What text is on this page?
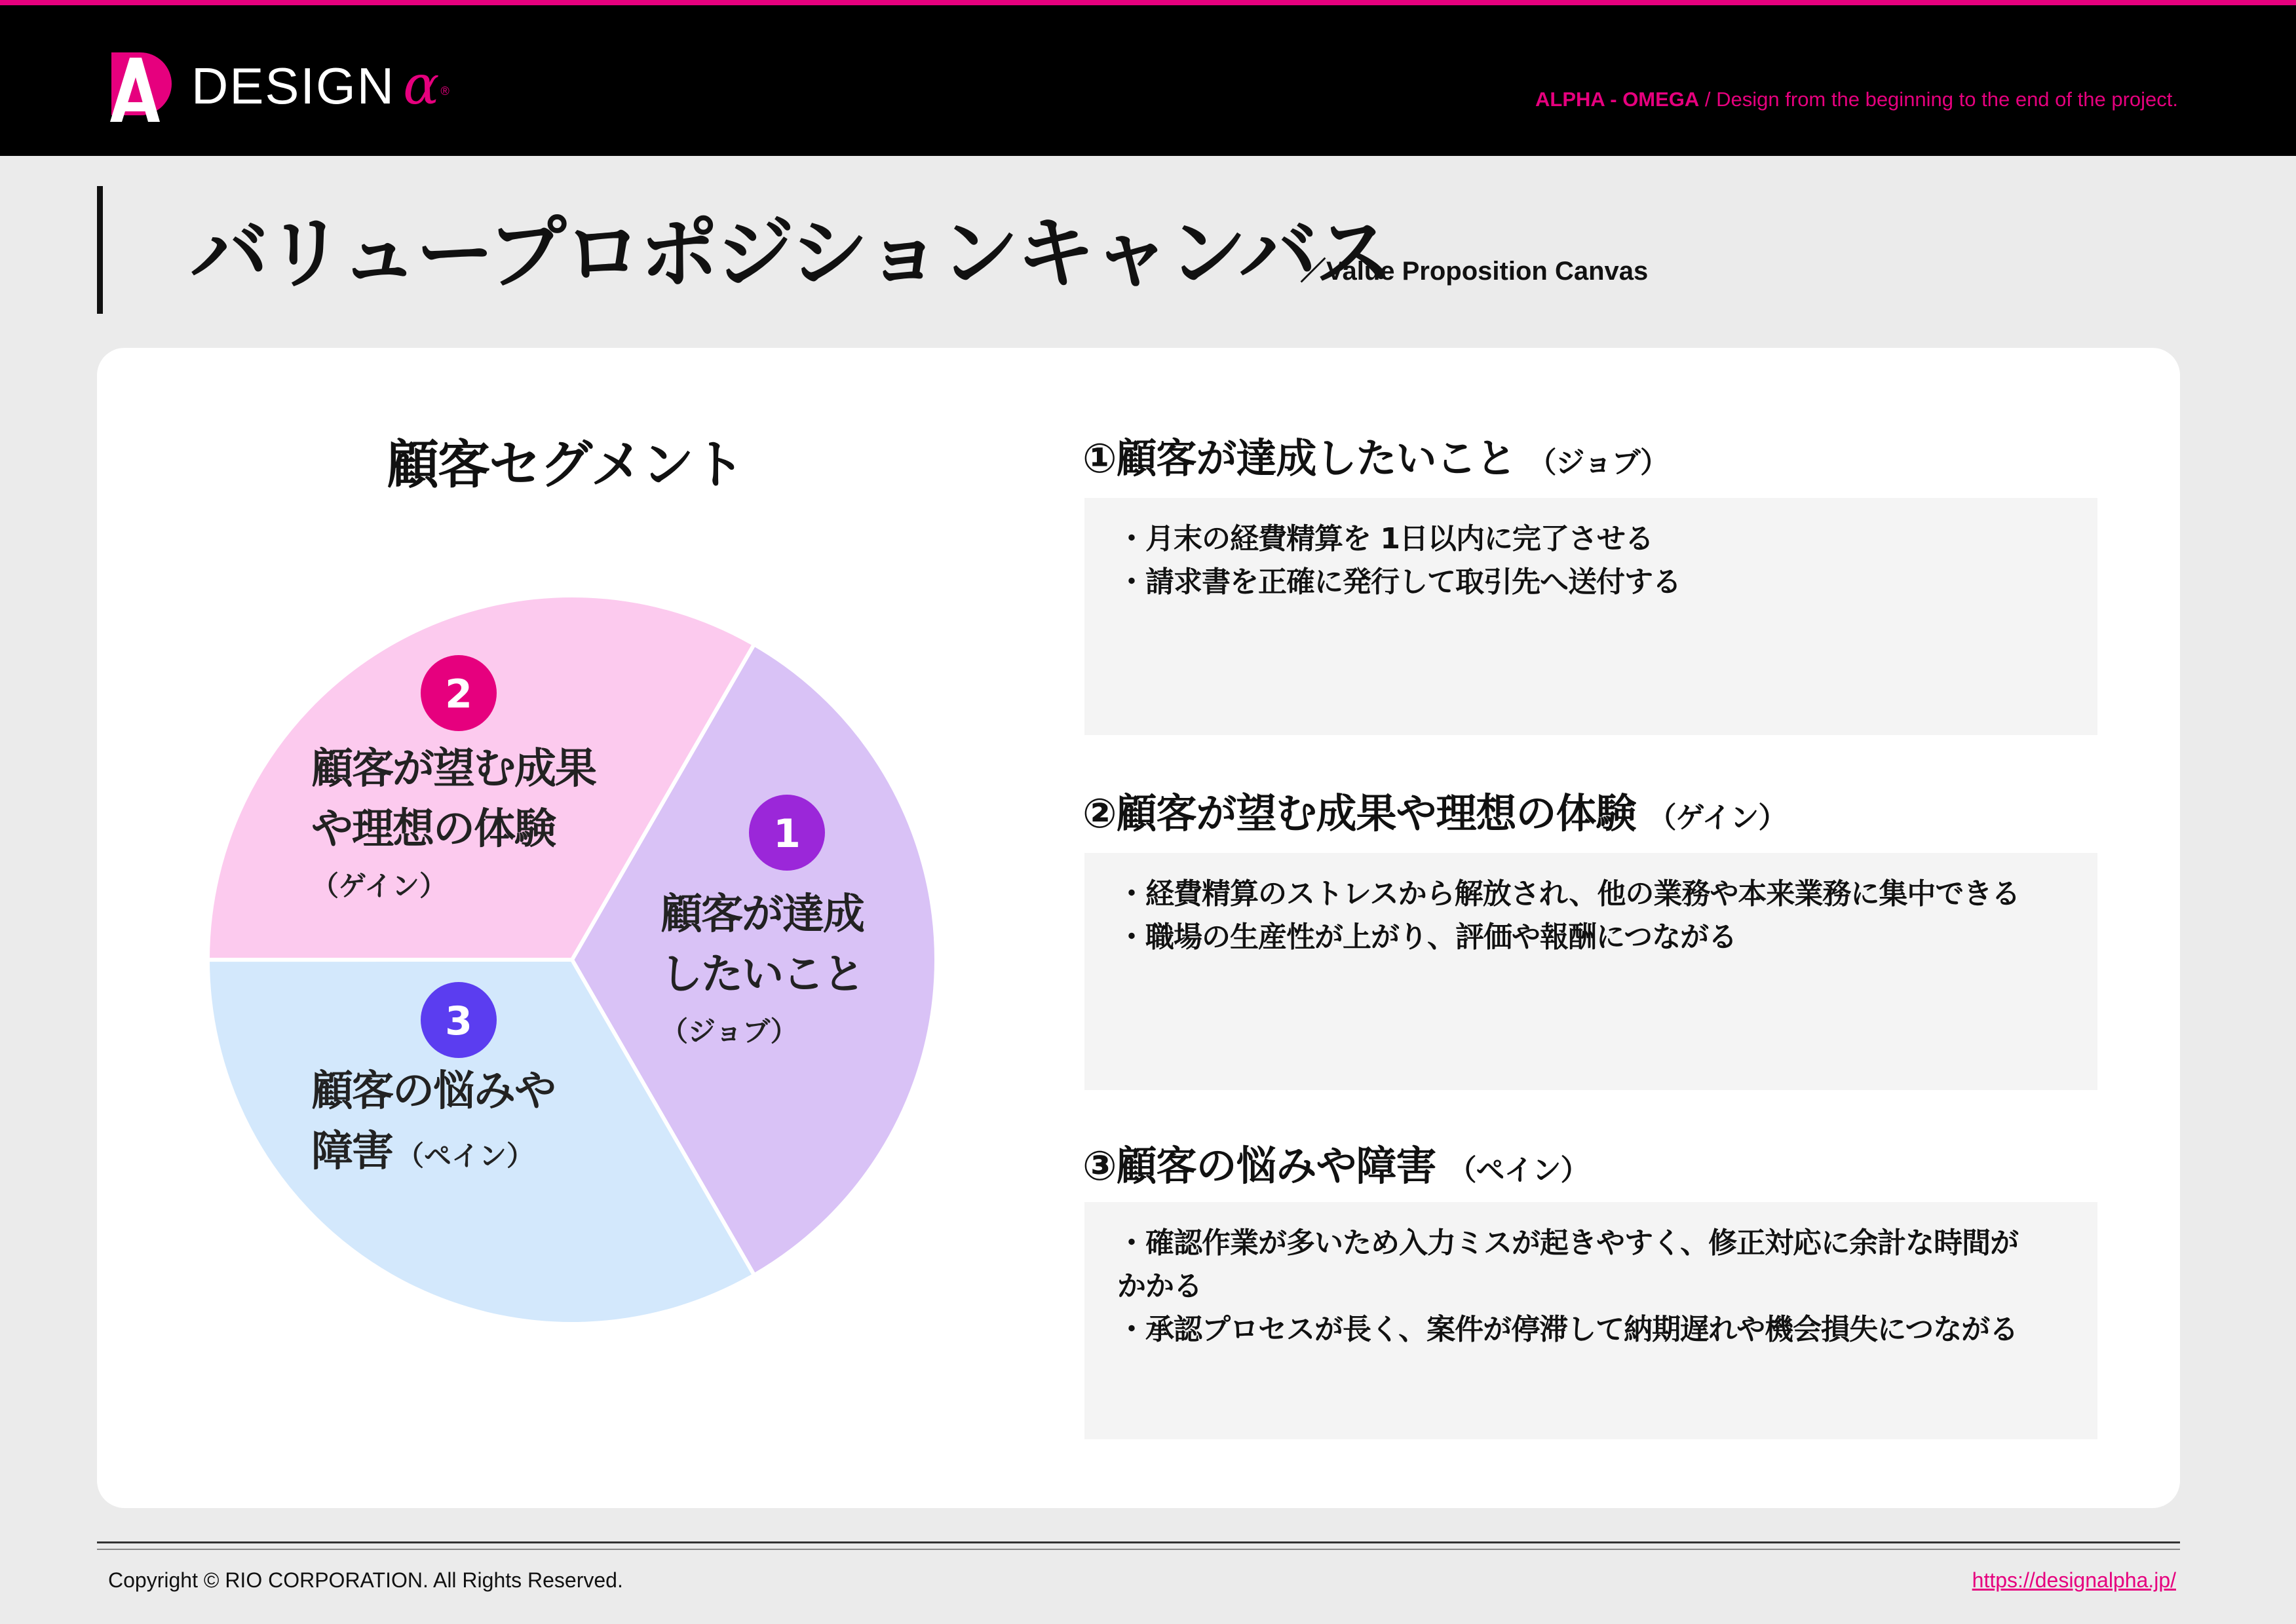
DESIGN α®	ALPHA - OMEGA / Design from the beginning to the end of the project.
バリュープロポジションキャンバス
／Value Proposition Canvas
顧客セグメント
1
顧客が達成
したいこと
（ジョブ）
2
顧客が望む成果
や理想の体験
（ゲイン）
3
顧客の悩みや
障害 （ペイン）
①顧客が達成したいこと （ジョブ）

・月末の経費精算を 1日以内に完了させる

・請求書を正確に発行して取引先へ送付する

②顧客が望む成果や理想の体験 （ゲイン）

・経費精算のストレスから解放され、他の業務や本来業務に集中できる

・職場の生産性が上がり、評価や報酬につながる

③顧客の悩みや障害 （ペイン）

・確認作業が多いため入力ミスが起きやすく、修正対応に余計な時間が

かかる

・承認プロセスが長く、案件が停滞して納期遅れや機会損失につながる

Copyright © RIO CORPORATION. All Rights Reserved.	https://designalpha.jp/
